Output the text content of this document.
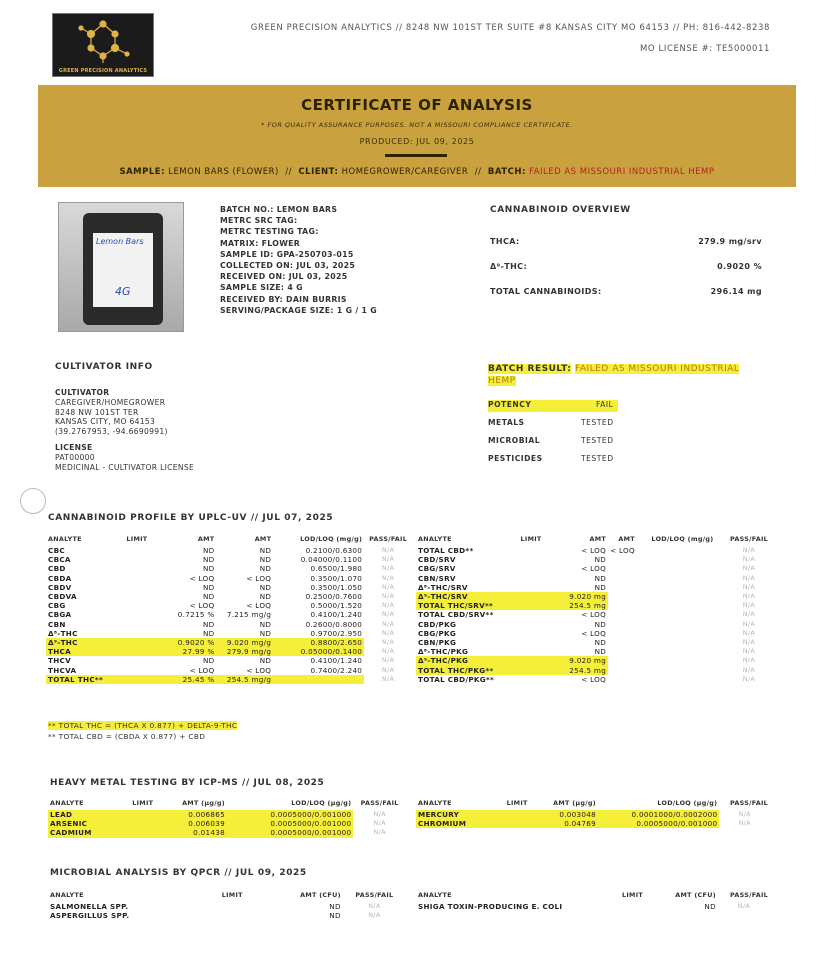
GREEN PRECISION ANALYTICS
GREEN PRECISION ANALYTICS // 8248 NW 101ST TER SUITE #8 KANSAS CITY MO 64153 // PH: 816-442-8238
MO LICENSE #: TE5000011
CERTIFICATE OF ANALYSIS
* FOR QUALITY ASSURANCE PURPOSES. NOT A MISSOURI COMPLIANCE CERTIFICATE.
PRODUCED: JUL 09, 2025
SAMPLE: LEMON BARS (FLOWER) // CLIENT: HOMEGROWER/CAREGIVER // BATCH: FAILED AS MISSOURI INDUSTRIAL HEMP
Lemon Bars
4G
BATCH NO.: LEMON BARS
METRC SRC TAG:
METRC TESTING TAG:
MATRIX: FLOWER
SAMPLE ID: GPA-250703-015
COLLECTED ON: JUL 03, 2025
RECEIVED ON: JUL 03, 2025
SAMPLE SIZE: 4 G
RECEIVED BY: DAIN BURRIS
SERVING/PACKAGE SIZE: 1 G / 1 G
CANNABINOID OVERVIEW
THCA:	279.9 mg/srv
Δ⁹-THC:	0.9020 %
TOTAL CANNABINOIDS:	296.14 mg
CULTIVATOR INFO
CULTIVATOR
CAREGIVER/HOMEGROWER
8248 NW 101ST TER
KANSAS CITY, MO 64153
(39.2767953, -94.6690991)
LICENSE
PAT00000
MEDICINAL - CULTIVATOR LICENSE
BATCH RESULT: FAILED AS MISSOURI INDUSTRIAL
HEMP
POTENCY	FAIL
METALS	TESTED
MICROBIAL	TESTED
PESTICIDES	TESTED
CANNABINOID PROFILE BY UPLC-UV // JUL 07, 2025
ANALYTE	LIMIT	AMT	AMT	LOD/LOQ (mg/g)	PASS/FAIL
CBC		ND	ND	0.2100/0.6300	N/A
CBCA		ND	ND	0.04000/0.1100	N/A
CBD		ND	ND	0.6500/1.980	N/A
CBDA		< LOQ	< LOQ	0.3500/1.070	N/A
CBDV		ND	ND	0.3500/1.050	N/A
CBDVA		ND	ND	0.2500/0.7600	N/A
CBG		< LOQ	< LOQ	0.5000/1.520	N/A
CBGA		0.7215 %	7.215 mg/g	0.4100/1.240	N/A
CBN		ND	ND	0.2600/0.8000	N/A
Δ⁸-THC		ND	ND	0.9700/2.950	N/A
Δ⁹-THC		0.9020 %	9.020 mg/g	0.8800/2.650	N/A
THCA		27.99 %	279.9 mg/g	0.05000/0.1400	N/A
THCV		ND	ND	0.4100/1.240	N/A
THCVA		< LOQ	< LOQ	0.7400/2.240	N/A
TOTAL THC**		25.45 %	254.5 mg/g		N/A
ANALYTE	LIMIT	AMT	AMT	LOD/LOQ (mg/g)	PASS/FAIL
TOTAL CBD**		< LOQ	< LOQ		N/A
CBD/SRV		ND			N/A
CBG/SRV		< LOQ			N/A
CBN/SRV		ND			N/A
Δ⁸-THC/SRV		ND			N/A
Δ⁹-THC/SRV		9.020 mg			N/A
TOTAL THC/SRV**		254.5 mg			N/A
TOTAL CBD/SRV**		< LOQ			N/A
CBD/PKG		ND			N/A
CBG/PKG		< LOQ			N/A
CBN/PKG		ND			N/A
Δ⁸-THC/PKG		ND			N/A
Δ⁹-THC/PKG		9.020 mg			N/A
TOTAL THC/PKG**		254.5 mg			N/A
TOTAL CBD/PKG**		< LOQ			N/A
** TOTAL THC = (THCA X 0.877) + DELTA-9-THC
** TOTAL CBD = (CBDA X 0.877) + CBD
HEAVY METAL TESTING BY ICP-MS // JUL 08, 2025
ANALYTE	LIMIT	AMT (µg/g)	LOD/LOQ (µg/g)	PASS/FAIL
LEAD		0.006865	0.0005000/0.001000	N/A
ARSENIC		0.006039	0.0005000/0.001000	N/A
CADMIUM		0.01438	0.0005000/0.001000	N/A
ANALYTE	LIMIT	AMT (µg/g)	LOD/LOQ (µg/g)	PASS/FAIL
MERCURY		0.003048	0.0001000/0.0002000	N/A
CHROMIUM		0.04769	0.0005000/0.001000	N/A
MICROBIAL ANALYSIS BY QPCR // JUL 09, 2025
ANALYTE	LIMIT	AMT (CFU)	PASS/FAIL
SALMONELLA SPP.		ND	N/A
ASPERGILLUS SPP.		ND	N/A
ANALYTE	LIMIT	AMT (CFU)	PASS/FAIL
SHIGA TOXIN-PRODUCING E. COLI		ND	N/A
